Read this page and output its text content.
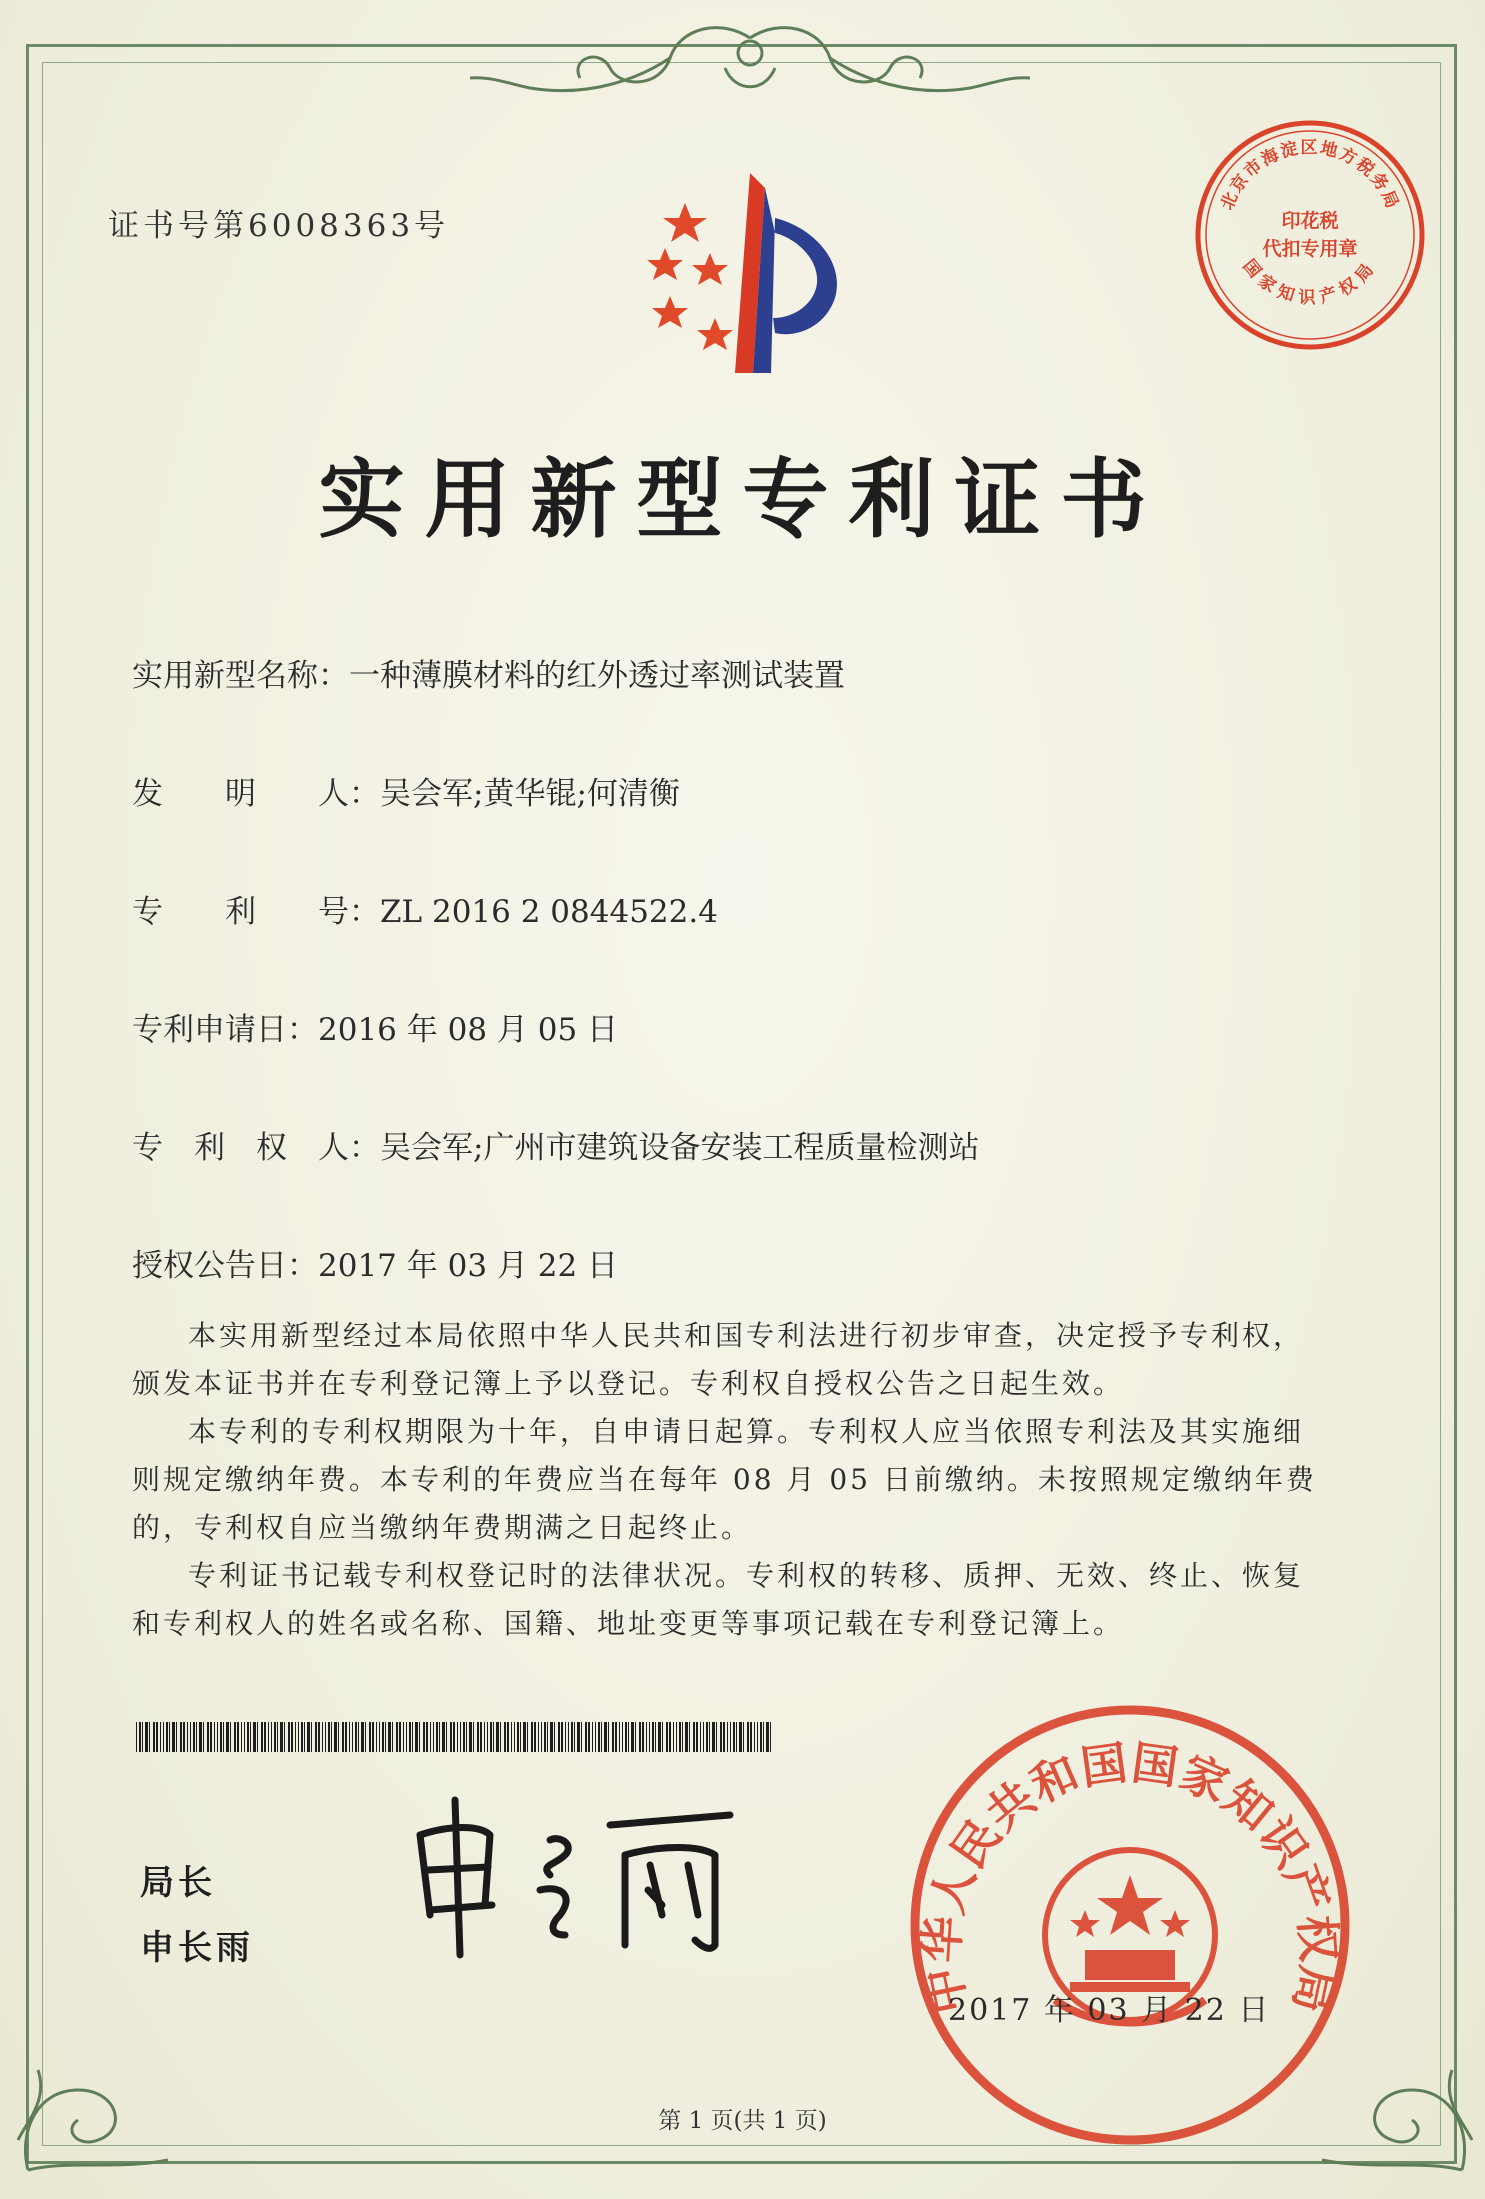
证书号第6008363号
北京市海淀区地方税务局
国家知识产权局
印花税
代扣专用章
实用新型专利证书
实用新型名称：一种薄膜材料的红外透过率测试装置
发　　明　　人：吴会军;黄华锟;何清衡
专　　利　　号：ZL 2016 2 0844522.4
专利申请日：2016 年 08 月 05 日
专　利　权　人：吴会军;广州市建筑设备安装工程质量检测站
授权公告日：2017 年 03 月 22 日

本实用新型经过本局依照中华人民共和国专利法进行初步审查，决定授予专利权，颁发本证书并在专利登记簿上予以登记。专利权自授权公告之日起生效。

本专利的专利权期限为十年，自申请日起算。专利权人应当依照专利法及其实施细则规定缴纳年费。本专利的年费应当在每年 08 月 05 日前缴纳。未按照规定缴纳年费的，专利权自应当缴纳年费期满之日起终止。

专利证书记载专利权登记时的法律状况。专利权的转移、质押、无效、终止、恢复和专利权人的姓名或名称、国籍、地址变更等事项记载在专利登记簿上。

局长
申长雨
中华人民共和国国家知识产权局
2017 年 03 月 22 日
第 1 页(共 1 页)
